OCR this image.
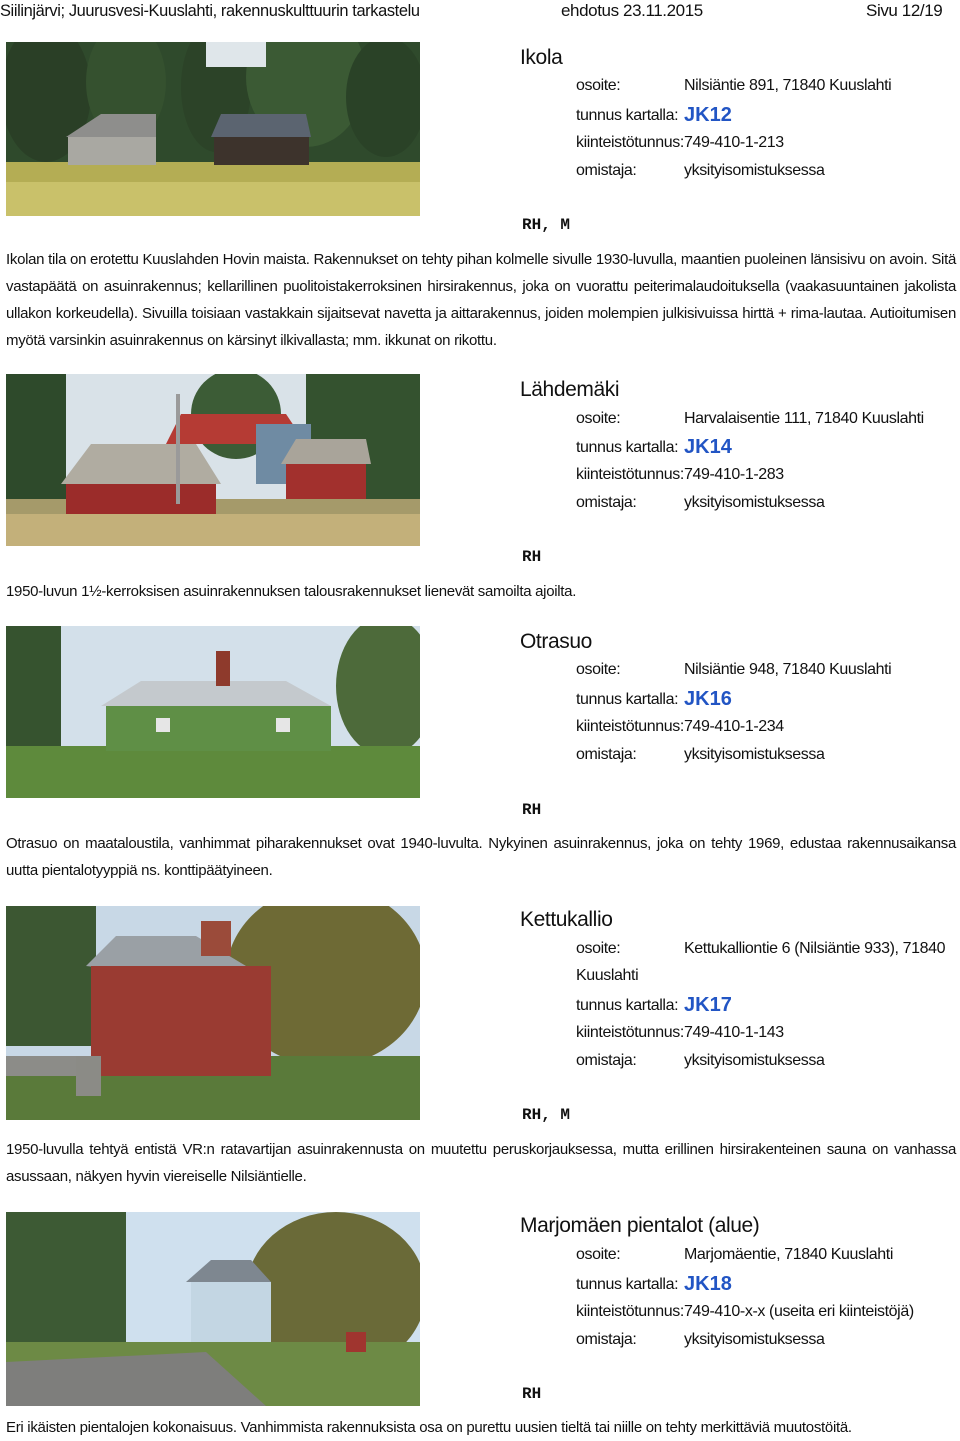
Siilinjärvi; Juurusvesi-Kuuslahti, rakennuskulttuurin tarkastelu	ehdotus 23.11.2015	Sivu 12/19
Ikola
osoite:	Nilsiäntie 891, 71840 Kuuslahti
tunnus kartalla: JK12
kiinteistötunnus: 749-410-1-213
omistaja:	yksityisomistuksessa
RH, M

Ikolan tila on erotettu Kuuslahden Hovin maista. Rakennukset on tehty pihan kolmelle sivulle 1930-luvulla, maantien puoleinen länsisivu on avoin. Sitä vastapäätä on asuinrakennus; kellarillinen puolitoistakerroksinen hirsirakennus, joka on vuorattu peiterimalaudoituksella (vaakasuuntainen jakolista ullakon korkeudella). Sivuilla toisiaan vastakkain sijaitsevat navetta ja aittarakennus, joiden molempien julkisivuissa hirttä + rima-lautaa. Autioitumisen myötä varsinkin asuinrakennus on kärsinyt ilkivallasta; mm. ikkunat on rikottu.

Lähdemäki
osoite:	Harvalaisentie 111, 71840 Kuuslahti
tunnus kartalla: JK14
kiinteistötunnus: 749-410-1-283
omistaja:	yksityisomistuksessa
RH

1950-luvun 1½-kerroksisen asuinrakennuksen talousrakennukset lienevät samoilta ajoilta.

Otrasuo
osoite:	Nilsiäntie 948, 71840 Kuuslahti
tunnus kartalla: JK16
kiinteistötunnus: 749-410-1-234
omistaja:	yksityisomistuksessa
RH

Otrasuo on maataloustila, vanhimmat piharakennukset ovat 1940-luvulta. Nykyinen asuinrakennus, joka on tehty 1969, edustaa rakennusaikansa uutta pientalotyyppiä ns. konttipäätyineen.

Kettukallio
osoite:	Kettukalliontie 6 (Nilsiäntie 933), 71840
Kuuslahti
tunnus kartalla: JK17
kiinteistötunnus: 749-410-1-143
omistaja:	yksityisomistuksessa
RH, M

1950-luvulla tehtyä entistä VR:n ratavartijan asuinrakennusta on muutettu peruskorjauksessa, mutta erillinen hirsirakenteinen sauna on vanhassa asussaan, näkyen hyvin viereiselle Nilsiäntielle.

Marjomäen pientalot (alue)
osoite:	Marjomäentie, 71840 Kuuslahti
tunnus kartalla: JK18
kiinteistötunnus: 749-410-x-x (useita eri kiinteistöjä)
omistaja:	yksityisomistuksessa
RH

Eri ikäisten pientalojen kokonaisuus. Vanhimmista rakennuksista osa on purettu uusien tieltä tai niille on tehty merkittäviä muutostöitä.
